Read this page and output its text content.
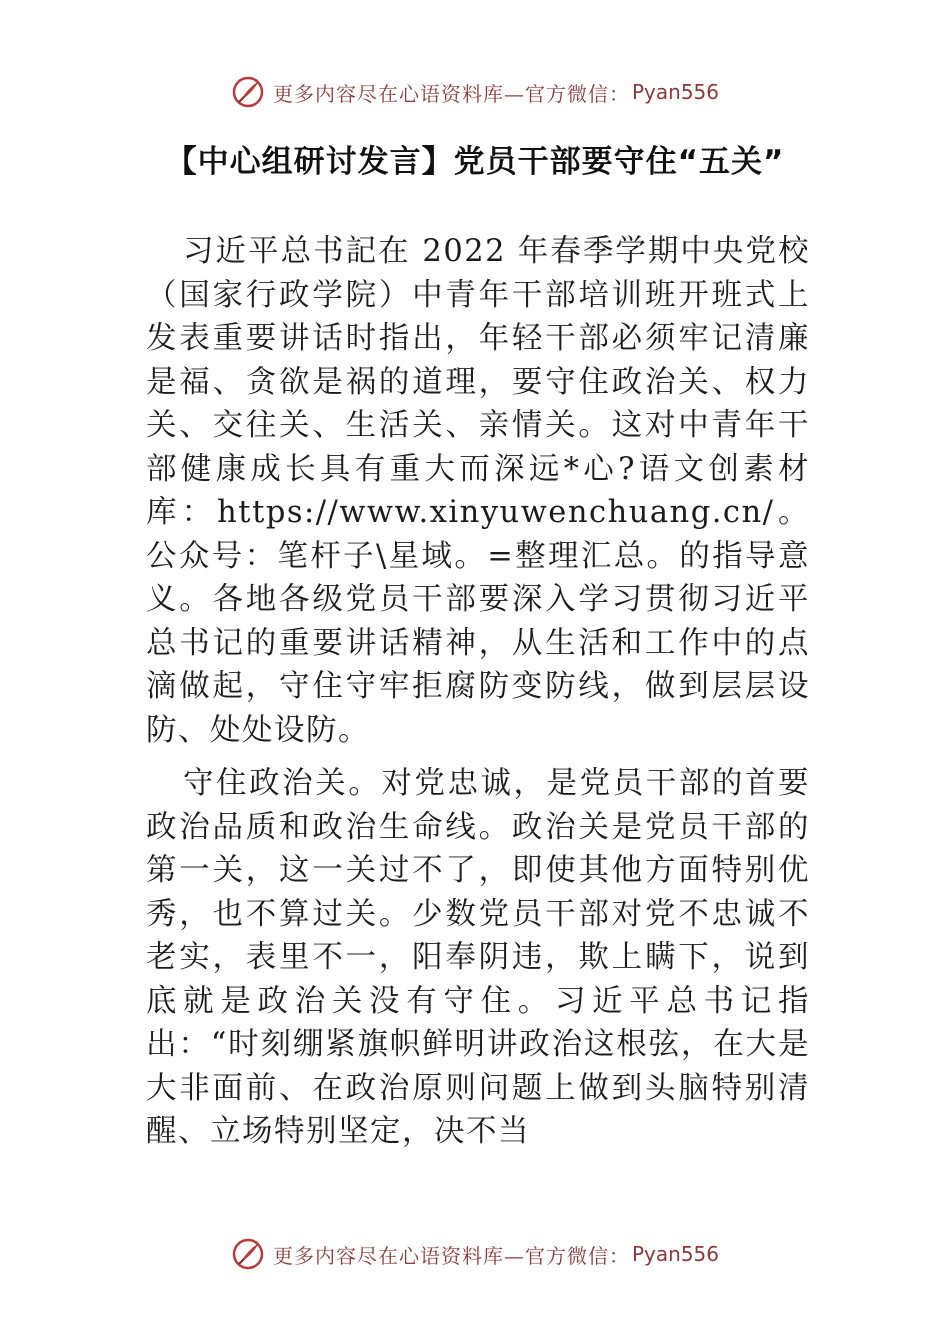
更多内容尽在心语资料库—官方微信： Pyan556
【中心组研讨发言】党员干部要守住“五关”

习近平总书記在 2022 年春季学期中央党校（国家行政学院）中青年干部培训班开班式上发表重要讲话时指出，年轻干部必须牢记清廉是福、贪欲是祸的道理，要守住政治关、权力关、交往关、生活关、亲情关。这对中青年干部健康成长具有重大而深远*心?语文创素材库：https://www.xinyuwenchuang.cn/。公众号：笔杆子\星域。=整理汇总。的指导意义。各地各级党员干部要深入学习贯彻习近平总书记的重要讲话精神，从生活和工作中的点滴做起，守住守牢拒腐防变防线，做到层层设防、处处设防。

守住政治关。对党忠诚，是党员干部的首要政治品质和政治生命线。政治关是党员干部的第一关，这一关过不了，即使其他方面特别优秀，也不算过关。少数党员干部对党不忠诚不老实，表里不一，阳奉阴违，欺上瞒下，说到底就是政治关没有守住。习近平总书记指出：“时刻绷紧旗帜鲜明讲政治这根弦，在大是大非面前、在政治原则问题上做到头脑特别清醒、立场特别坚定，决不当

更多内容尽在心语资料库—官方微信： Pyan556
